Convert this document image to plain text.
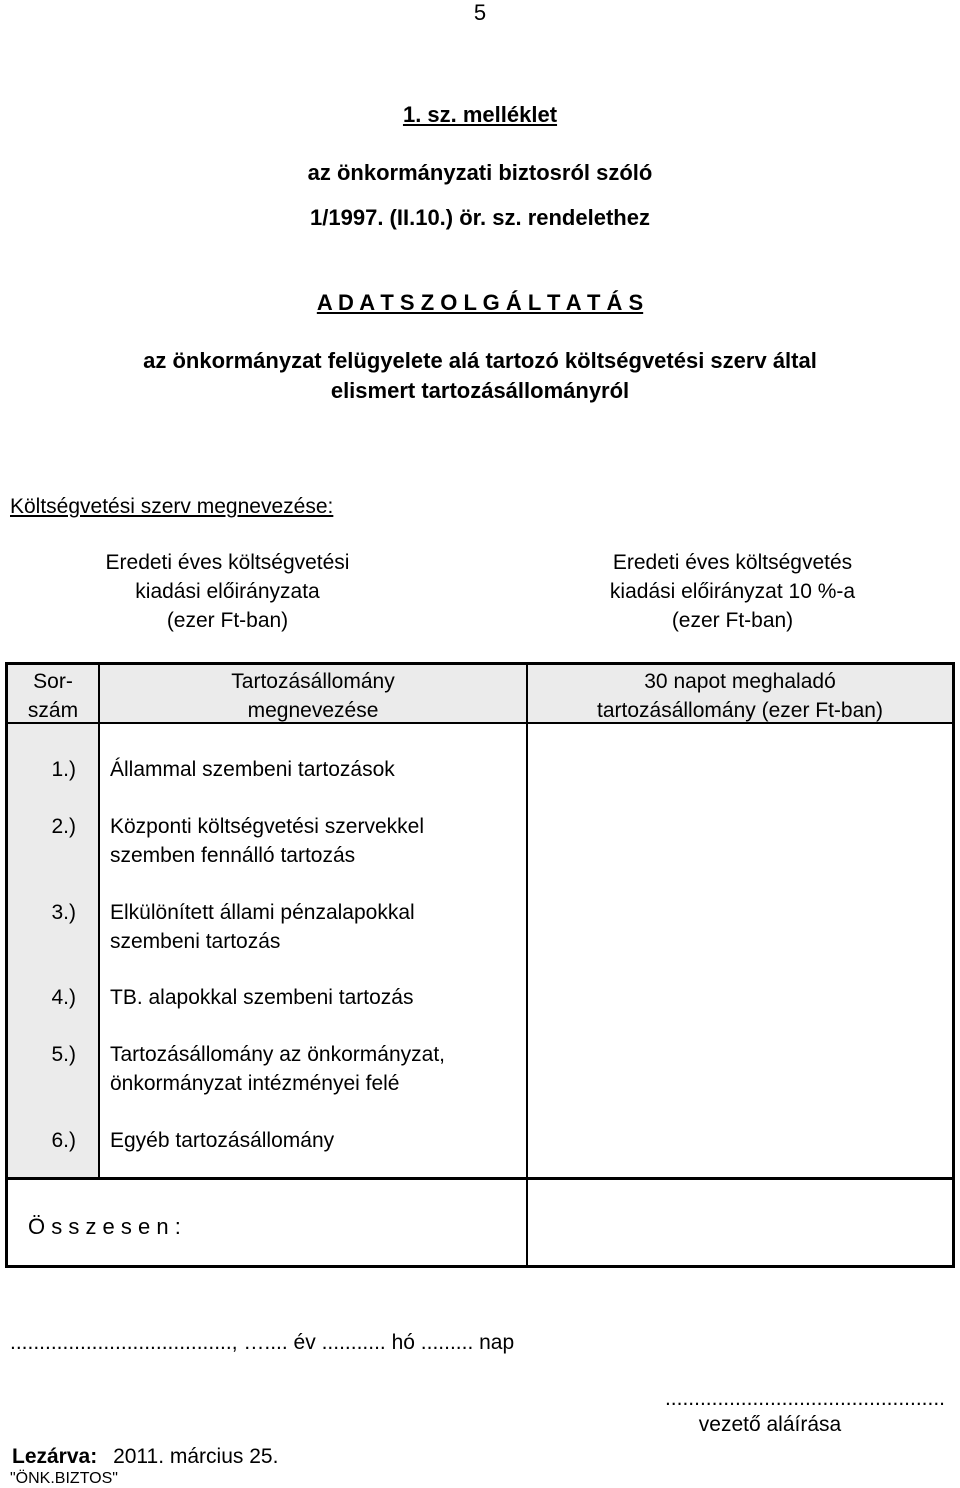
5
1. sz. melléklet
az önkormányzati biztosról szóló
1/1997. (II.10.) ör. sz. rendelethez
A D A T S Z O L G Á L T A T Á S
az önkormányzat felügyelete alá tartozó költségvetési szerv által
elismert tartozásállományról
Költségvetési szerv megnevezése:
Eredeti éves költségvetési
kiadási előirányzata
(ezer Ft-ban)
Eredeti éves költségvetés
kiadási előirányzat 10 %-a
(ezer Ft-ban)
Sor-
szám
Tartozásállomány
megnevezése
30 napot meghaladó
tartozásállomány (ezer Ft-ban)
1.) Állammal szembeni tartozások
2.) Központi költségvetési szervekkel
szemben fennálló tartozás
3.) Elkülönített állami pénzalapokkal
szembeni tartozás
4.) TB. alapokkal szembeni tartozás
5.) Tartozásállomány az önkormányzat,
önkormányzat intézményei felé
6.) Egyéb tartozásállomány
Ö s s z e s e n :
......................................, ….... év ........... hó ......... nap
................................................
vezető aláírása
Lezárva: 2011. március 25.
"ÖNK.BIZTOS"
